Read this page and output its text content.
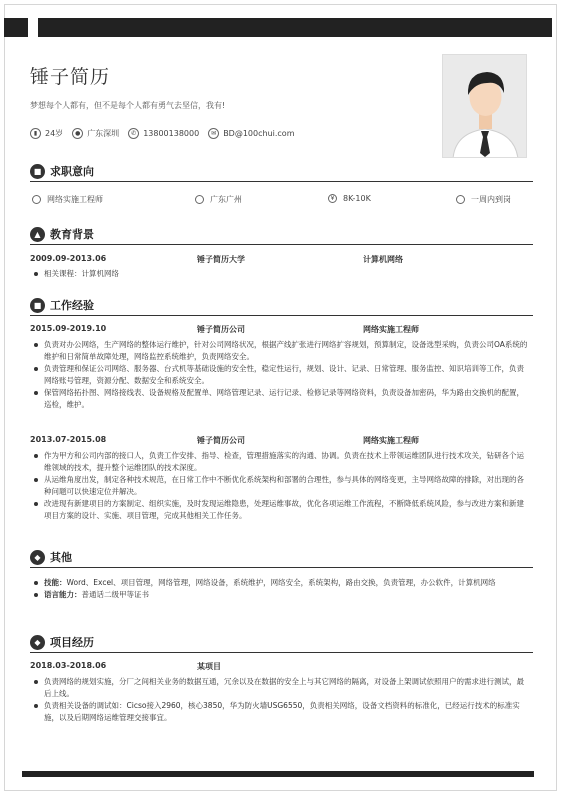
锤子简历
梦想每个人都有，但不是每个人都有勇气去坚信，我有!
▮ 24岁	● 广东深圳	✆ 13800138000	✉ BD@100chui.com
■ 求职意向
网络实施工程师	广东广州	¥	8K-10K	一周内到岗
▲ 教育背景
2009.09-2013.06	锤子简历大学	计算机网络
相关课程：计算机网络
■ 工作经验
2015.09-2019.10	锤子简历公司	网络实施工程师
负责对办公网络，生产网络的整体运行维护，针对公司网络状况，根据产线扩张进行网络扩容规划，预算制定，设备选型采购，负责公司OA系统的维护和日常简单故障处理，网络监控系统维护，负责网络安全。
负责管理和保证公司网络、服务器、台式机等基础设施的安全性，稳定性运行，规划、设计、记录、日常管理、服务监控、知识培训等工作，负责网络账号管理，资源分配、数据安全和系统安全。
保管网络拓扑图、网络接线表、设备规格及配置单、网络管理记录、运行记录、检修记录等网络资料，负责设备加密码，华为路由交换机的配置，巡检，维护。
2013.07-2015.08	锤子简历公司	网络实施工程师
作为甲方和公司内部的接口人，负责工作安排、指导、检查，管理措施落实的沟通、协调。负责在技术上带领运维团队进行技术攻关，钻研各个运维领域的技术，提升整个运维团队的技术深度。
从运维角度出发，制定各种技术规范，在日常工作中不断优化系统架构和部署的合理性，参与具体的网络变更，主导网络故障的排除，对出现的各种问题可以快速定位并解决。
改进现有新建项目的方案制定、组织实施，及时发现运维隐患，处理运维事故，优化各项运维工作流程，不断降低系统风险，参与改进方案和新建项目方案的设计、实施、项目管理，完成其他相关工作任务。
◆ 其他
技能：Word、Excel、项目管理，网络管理，网络设备，系统维护，网络安全，系统架构，路由交换，负责管理，办公软件，计算机网络
语言能力：普通话二级甲等证书
◆ 项目经历
2018.03-2018.06	某项目
负责网络的规划实施，分厂之间相关业务的数据互通，冗余以及在数据的安全上与其它网络的隔离，对设备上架调试依照用户的需求进行测试，最后上线。
负责相关设备的调试如：Cicso接入2960，核心3850，华为防火墙USG6550，负责相关网络，设备文档资料的标准化，已经运行技术的标准实施，以及后期网络运维管理交接事宜。
